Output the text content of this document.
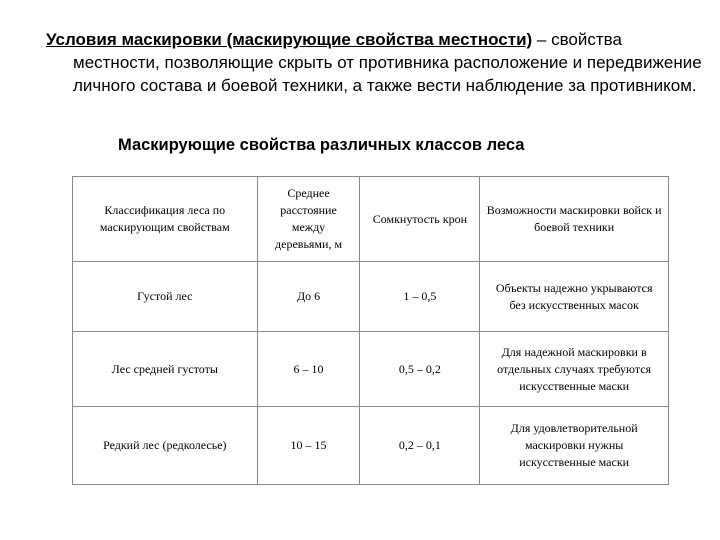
Условия маскировки (маскирующие свойства местности) – свойства местности, позволяющие скрыть от противника расположение и передвижение личного состава и боевой техники, а также вести наблюдение за противником.

Маскирующие свойства различных классов леса

Классификация леса по маскирующим свойствам	Среднее расстояние между деревьями, м	Сомкнутость крон	Возможности маскировки войск и боевой техники
Густой лес	До 6	1 – 0,5	Объекты надежно укрываются без искусственных масок
Лес средней густоты	6 – 10	0,5 – 0,2	Для надежной маскировки в отдельных случаях требуются искусственные маски
Редкий лес (редколесье)	10 – 15	0,2 – 0,1	Для удовлетворительной маскировки нужны искусственные маски
